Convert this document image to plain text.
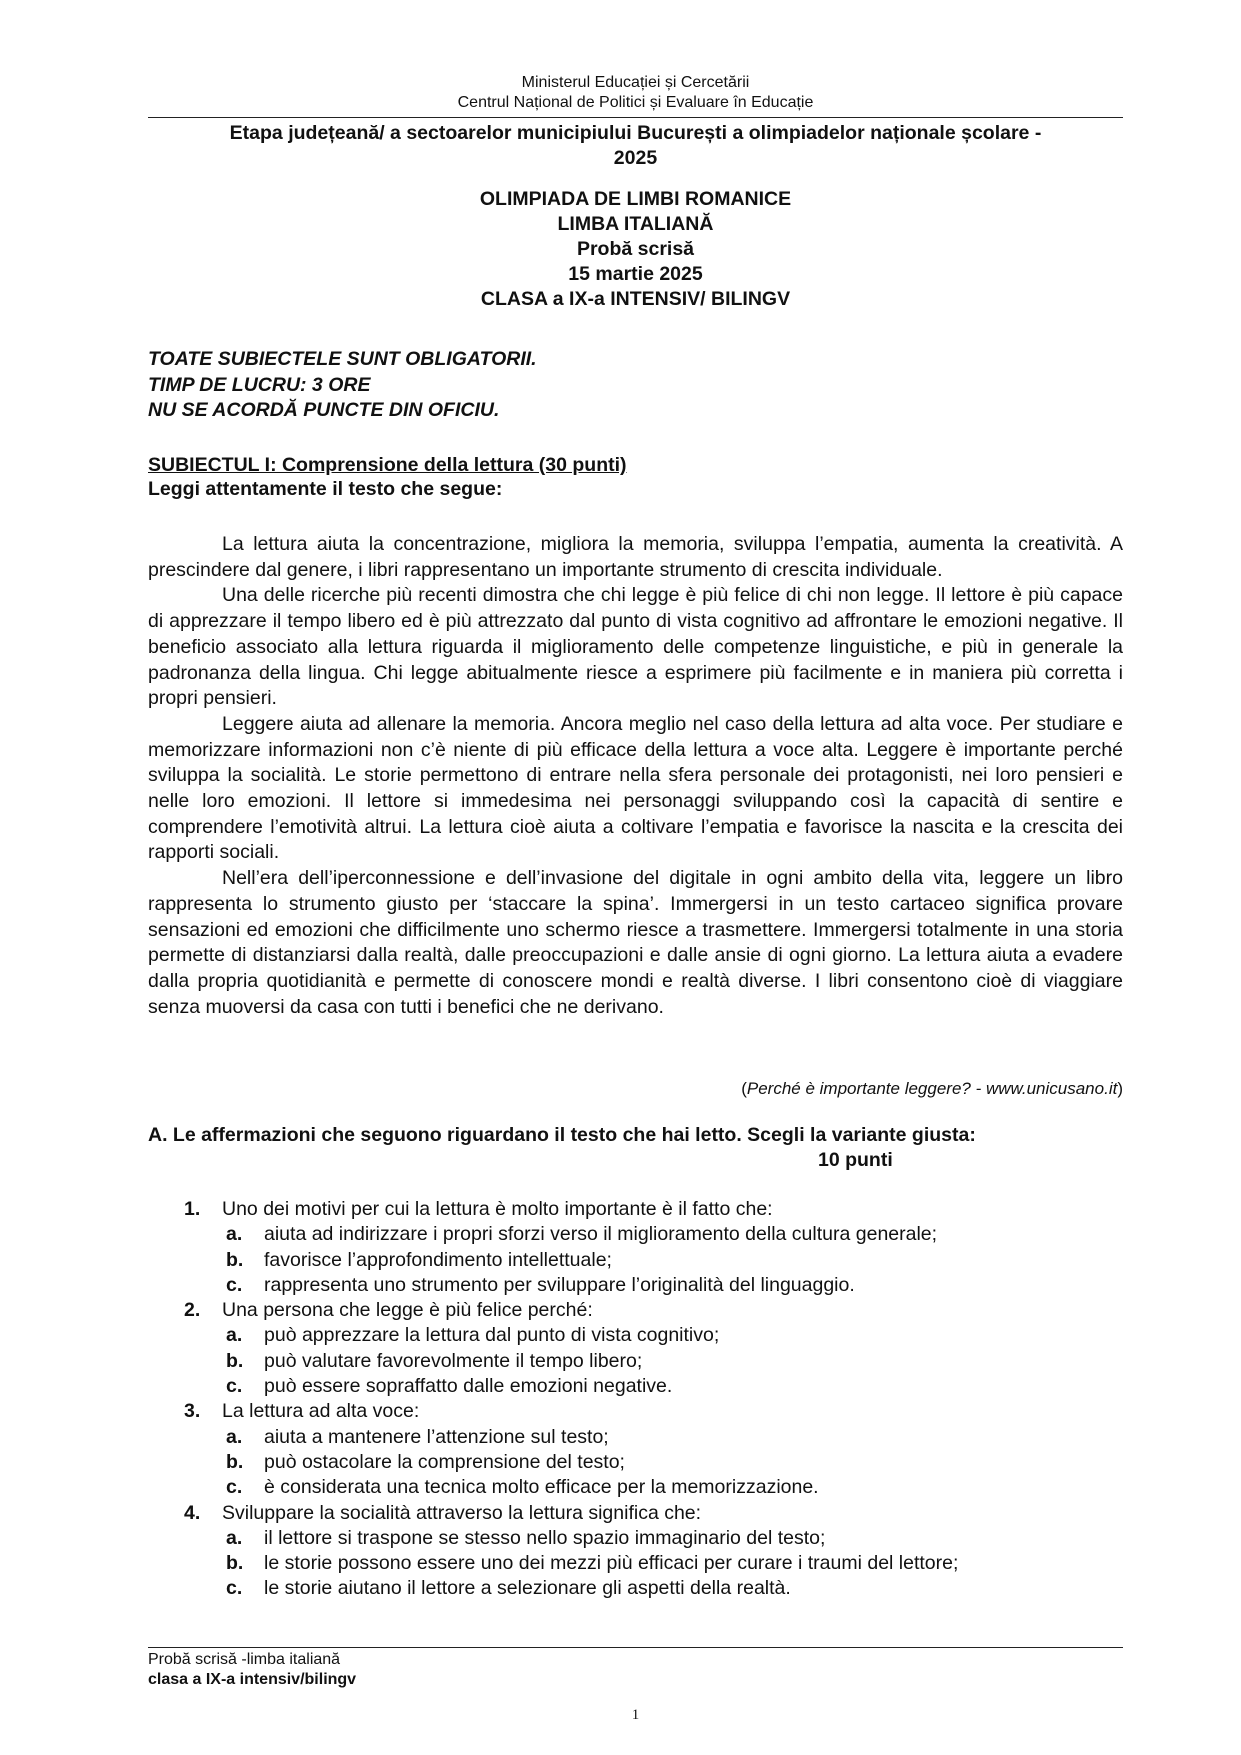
Ministerul Educației și Cercetării
Centrul Național de Politici și Evaluare în Educație
Etapa județeană/ a sectoarelor municipiului București a olimpiadelor naționale școlare -
2025
OLIMPIADA DE LIMBI ROMANICE
LIMBA ITALIANĂ
Probă scrisă
15 martie 2025
CLASA a IX-a INTENSIV/ BILINGV
TOATE SUBIECTELE SUNT OBLIGATORII.
TIMP DE LUCRU: 3 ORE
NU SE ACORDĂ PUNCTE DIN OFICIU.
SUBIECTUL I: Comprensione della lettura (30 punti)
Leggi attentamente il testo che segue:

La lettura aiuta la concentrazione, migliora la memoria, sviluppa l’empatia, aumenta la creatività. A prescindere dal genere, i libri rappresentano un importante strumento di crescita individuale.

Una delle ricerche più recenti dimostra che chi legge è più felice di chi non legge. Il lettore è più capace di apprezzare il tempo libero ed è più attrezzato dal punto di vista cognitivo ad affrontare le emozioni negative. Il beneficio associato alla lettura riguarda il miglioramento delle competenze linguistiche, e più in generale la padronanza della lingua. Chi legge abitualmente riesce a esprimere più facilmente e in maniera più corretta i propri pensieri.

Leggere aiuta ad allenare la memoria. Ancora meglio nel caso della lettura ad alta voce. Per studiare e memorizzare informazioni non c’è niente di più efficace della lettura a voce alta. Leggere è importante perché sviluppa la socialità. Le storie permettono di entrare nella sfera personale dei protagonisti, nei loro pensieri e nelle loro emozioni. Il lettore si immedesima nei personaggi sviluppando così la capacità di sentire e comprendere l’emotività altrui. La lettura cioè aiuta a coltivare l’empatia e favorisce la nascita e la crescita dei rapporti sociali.

Nell’era dell’iperconnessione e dell’invasione del digitale in ogni ambito della vita, leggere un libro rappresenta lo strumento giusto per ‘staccare la spina’. Immergersi in un testo cartaceo significa provare sensazioni ed emozioni che difficilmente uno schermo riesce a trasmettere. Immergersi totalmente in una storia permette di distanziarsi dalla realtà, dalle preoccupazioni e dalle ansie di ogni giorno. La lettura aiuta a evadere dalla propria quotidianità e permette di conoscere mondi e realtà diverse. I libri consentono cioè di viaggiare senza muoversi da casa con tutti i benefici che ne derivano.

(Perché è importante leggere? - www.unicusano.it)
A. Le affermazioni che seguono riguardano il testo che hai letto. Scegli la variante giusta:
10 punti
1. Uno dei motivi per cui la lettura è molto importante è il fatto che:
a. aiuta ad indirizzare i propri sforzi verso il miglioramento della cultura generale;
b. favorisce l’approfondimento intellettuale;
c. rappresenta uno strumento per sviluppare l’originalità del linguaggio.
2. Una persona che legge è più felice perché:
a. può apprezzare la lettura dal punto di vista cognitivo;
b. può valutare favorevolmente il tempo libero;
c. può essere sopraffatto dalle emozioni negative.
3. La lettura ad alta voce:
a. aiuta a mantenere l’attenzione sul testo;
b. può ostacolare la comprensione del testo;
c. è considerata una tecnica molto efficace per la memorizzazione.
4. Sviluppare la socialità attraverso la lettura significa che:
a. il lettore si traspone se stesso nello spazio immaginario del testo;
b. le storie possono essere uno dei mezzi più efficaci per curare i traumi del lettore;
c. le storie aiutano il lettore a selezionare gli aspetti della realtà.
Probă scrisă -limba italiană
clasa a IX-a intensiv/bilingv
1
